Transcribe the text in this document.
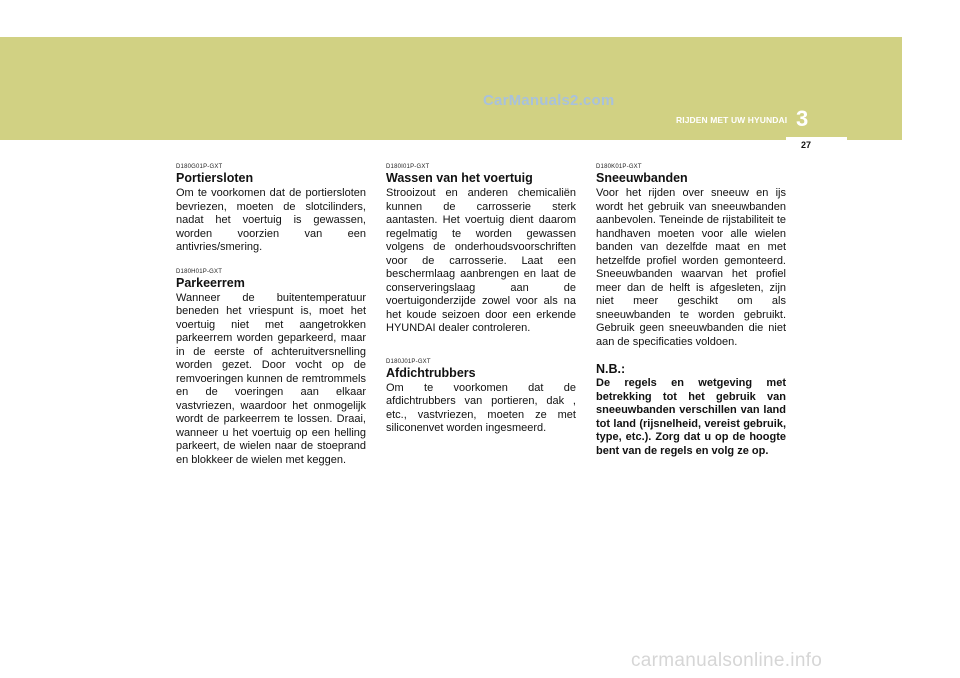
CarManuals2.com
RIJDEN MET UW HYUNDAI 3
27
D180G01P-GXT
Portiersloten
Om te voorkomen dat de portiersloten bevriezen, moeten de slotcilinders, nadat het voertuig is gewassen, worden voorzien van een antivries/smering.
D180H01P-GXT
Parkeerrem
Wanneer de buitentemperatuur beneden het vriespunt is, moet het voertuig niet met aangetrokken parkeerrem worden geparkeerd, maar in de eerste of achteruitversnelling worden gezet. Door vocht op de remvoeringen kunnen de remtrommels en de voeringen aan elkaar vastvriezen, waardoor het onmogelijk wordt de parkeerrem te lossen. Draai, wanneer u het voertuig op een helling parkeert, de wielen naar de stoeprand en blokkeer de wielen met keggen.
D180I01P-GXT
Wassen van het voertuig
Strooizout en anderen chemicaliën kunnen de carrosserie sterk aantasten. Het voertuig dient daarom regelmatig te worden gewassen volgens de onderhoudsvoorschriften voor de carrosserie. Laat een beschermlaag aanbrengen en laat de conserveringslaag aan de voertuigonderzijde zowel voor als na het koude seizoen door een erkende HYUNDAI dealer controleren.
D180J01P-GXT
Afdichtrubbers
Om te voorkomen dat de afdichtrubbers van portieren, dak , etc., vastvriezen, moeten ze met siliconenvet worden ingesmeerd.
D180K01P-GXT
Sneeuwbanden
Voor het rijden over sneeuw en ijs wordt het gebruik van sneeuwbanden aanbevolen. Teneinde de rijstabiliteit te handhaven moeten voor alle wielen banden van dezelfde maat en met hetzelfde profiel worden gemonteerd. Sneeuwbanden waarvan het profiel meer dan de helft is afgesleten, zijn niet meer geschikt om als sneeuwbanden te worden gebruikt. Gebruik geen sneeuwbanden die niet aan de specificaties voldoen.
N.B.:
De regels en wetgeving met betrekking tot het gebruik van sneeuwbanden verschillen van land tot land (rijsnelheid, vereist gebruik, type, etc.). Zorg dat u op de hoogte bent van de regels en volg ze op.
carmanualsonline.info
